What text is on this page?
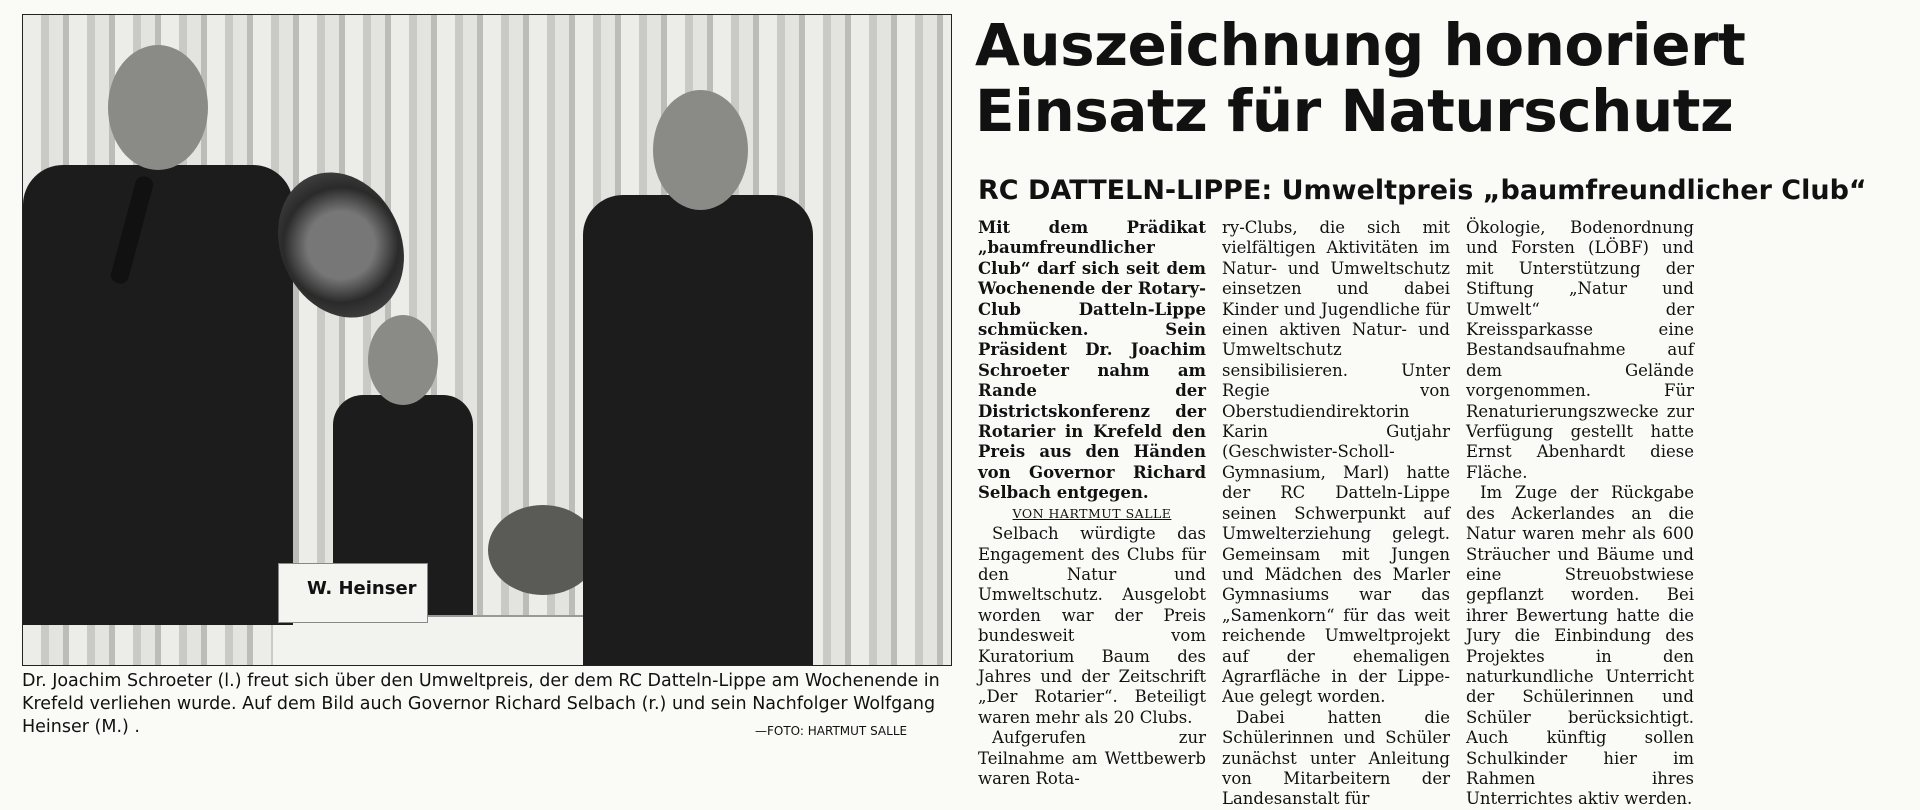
W. Heinser
Dr. Joachim Schroeter (l.) freut sich über den Umweltpreis, der dem RC Datteln-Lippe am Wochenende in Krefeld verliehen wurde. Auf dem Bild auch Governor Richard Selbach (r.) und sein Nachfolger Wolfgang Heinser (M.) .	—FOTO: HARTMUT SALLE
Auszeichnung honoriert Einsatz für Naturschutz
RC DATTELN-LIPPE: Umweltpreis „baumfreundlicher Club“

Mit dem Prädikat „baumfreundlicher Club“ darf sich seit dem Wochenende der Rotary-Club Datteln-Lippe schmücken. Sein Präsident Dr. Joachim Schroeter nahm am Rande der Districtskonferenz der Rotarier in Krefeld den Preis aus den Händen von Governor Richard Selbach entgegen.

VON HARTMUT SALLE

Selbach würdigte das Engagement des Clubs für den Natur und Umweltschutz. Ausgelobt worden war der Preis bundesweit vom Kuratorium Baum des Jahres und der Zeitschrift „Der Rotarier“. Beteiligt waren mehr als 20 Clubs.

Aufgerufen zur Teilnahme am Wettbewerb waren Rota-

ry-Clubs, die sich mit vielfältigen Aktivitäten im Natur- und Umweltschutz einsetzen und dabei Kinder und Jugendliche für einen aktiven Natur- und Umweltschutz sensibilisieren. Unter Regie von Oberstudiendirektorin Karin Gutjahr (Geschwister-Scholl-Gymnasium, Marl) hatte der RC Datteln-Lippe seinen Schwerpunkt auf Umwelterziehung gelegt. Gemeinsam mit Jungen und Mädchen des Marler Gymnasiums war das „Samenkorn“ für das weit reichende Umweltprojekt auf der ehemaligen Agrarfläche in der Lippe-Aue gelegt worden.

Dabei hatten die Schülerinnen und Schüler zunächst unter Anleitung von Mitarbeitern der Landesanstalt für

Ökologie, Bodenordnung und Forsten (LÖBF) und mit Unterstützung der Stiftung „Natur und Umwelt“ der Kreissparkasse eine Bestandsaufnahme auf dem Gelände vorgenommen. Für Renaturierungszwecke zur Verfügung gestellt hatte Ernst Abenhardt diese Fläche.

Im Zuge der Rückgabe des Ackerlandes an die Natur waren mehr als 600 Sträucher und Bäume und eine Streuobstwiese gepflanzt worden. Bei ihrer Bewertung hatte die Jury die Einbindung des Projektes in den naturkundliche Unterricht der Schülerinnen und Schüler berücksichtigt. Auch künftig sollen Schulkinder hier im Rahmen ihres Unterrichtes aktiv werden.
